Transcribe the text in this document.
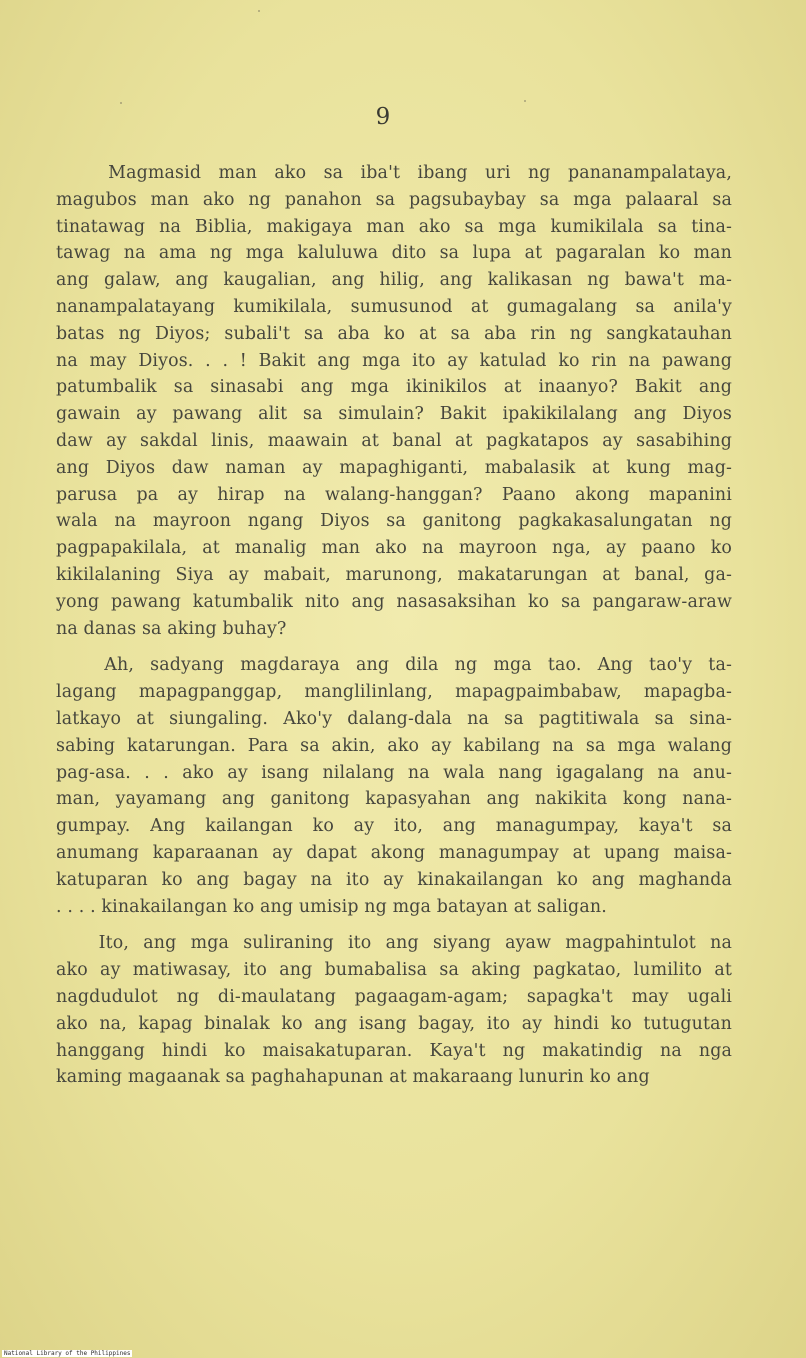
9
Magmasid man ako sa iba't ibang uri ng pananampalataya,
magubos man ako ng panahon sa pagsubaybay sa mga palaaral sa
tinatawag na Biblia, makigaya man ako sa mga kumikilala sa tina-
tawag na ama ng mga kaluluwa dito sa lupa at pagaralan ko man
ang galaw, ang kaugalian, ang hilig, ang kalikasan ng bawa't ma-
nanampalatayang kumikilala, sumusunod at gumagalang sa anila'y
batas ng Diyos; subali't sa aba ko at sa aba rin ng sangkatauhan
na may Diyos. . . ! Bakit ang mga ito ay katulad ko rin na pawang
patumbalik sa sinasabi ang mga ikinikilos at inaanyo? Bakit ang
gawain ay pawang alit sa simulain? Bakit ipakikilalang ang Diyos
daw ay sakdal linis, maawain at banal at pagkatapos ay sasabihing
ang Diyos daw naman ay mapaghiganti, mabalasik at kung mag-
parusa pa ay hirap na walang-hanggan? Paano akong mapanini
wala na mayroon ngang Diyos sa ganitong pagkakasalungatan ng
pagpapakilala, at manalig man ako na mayroon nga, ay paano ko
kikilalaning Siya ay mabait, marunong, makatarungan at banal, ga-
yong pawang katumbalik nito ang nasasaksihan ko sa pangaraw-araw
na danas sa aking buhay?
Ah, sadyang magdaraya ang dila ng mga tao. Ang tao'y ta-
lagang mapagpanggap, manglilinlang, mapagpaimbabaw, mapagba-
latkayo at siungaling. Ako'y dalang-dala na sa pagtitiwala sa sina-
sabing katarungan. Para sa akin, ako ay kabilang na sa mga walang
pag-asa. . . ako ay isang nilalang na wala nang igagalang na anu-
man, yayamang ang ganitong kapasyahan ang nakikita kong nana-
gumpay. Ang kailangan ko ay ito, ang managumpay, kaya't sa
anumang kaparaanan ay dapat akong managumpay at upang maisa-
katuparan ko ang bagay na ito ay kinakailangan ko ang maghanda
. . . . kinakailangan ko ang umisip ng mga batayan at saligan.
Ito, ang mga suliraning ito ang siyang ayaw magpahintulot na
ako ay matiwasay, ito ang bumabalisa sa aking pagkatao, lumilito at
nagdudulot ng di-maulatang pagaagam-agam; sapagka't may ugali
ako na, kapag binalak ko ang isang bagay, ito ay hindi ko tutugutan
hanggang hindi ko maisakatuparan. Kaya't ng makatindig na nga
kaming magaanak sa paghahapunan at makaraang lunurin ko ang
National Library of the Philippines
